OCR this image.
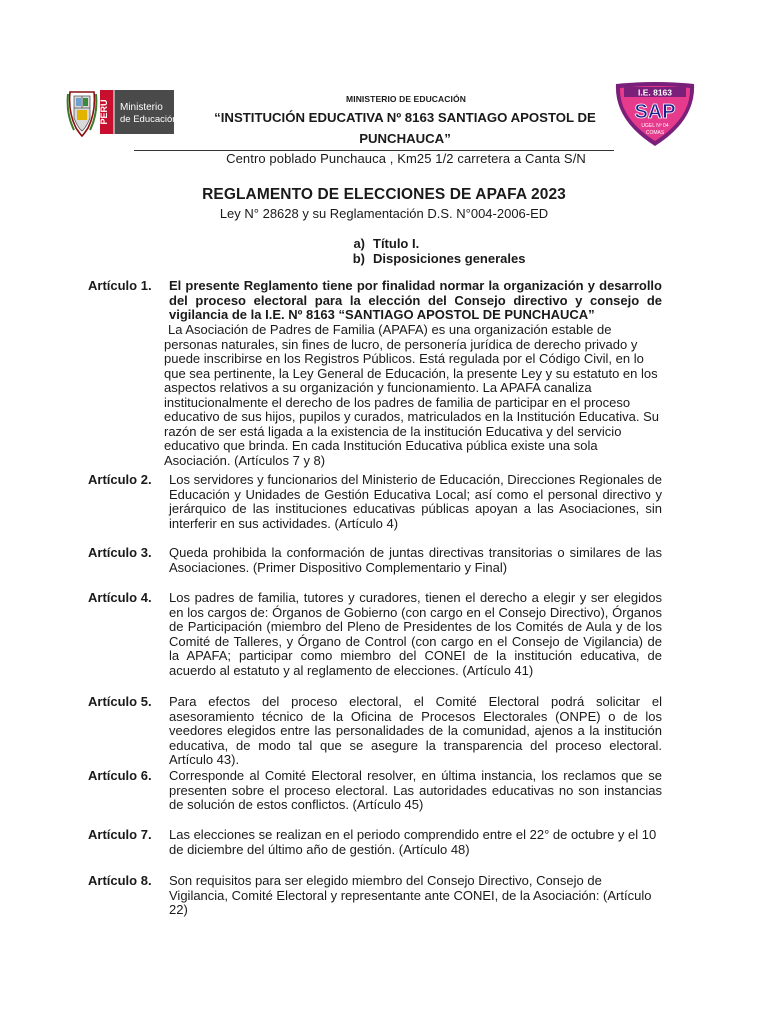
PERÚ Ministerio
de Educación
MINISTERIO DE EDUCACIÓN
“INSTITUCIÓN EDUCATIVA Nº 8163 SANTIAGO APOSTOL DE
PUNCHAUCA”
Centro poblado Punchauca , Km25 1/2 carretera a Canta S/N
I.E. 8163
SAP
UGEL Nº 04
COMAS
REGLAMENTO DE ELECCIONES DE APAFA 2023
Ley N° 28628 y su Reglamentación D.S. N°004-2006-ED
a) Título I.
b) Disposiciones generales
Artículo 1. El presente Reglamento tiene por finalidad normar la organización y desarrollo del proceso electoral para la elección del Consejo directivo y consejo de vigilancia de la I.E. Nº 8163 “SANTIAGO APOSTOL DE PUNCHAUCA”
La Asociación de Padres de Familia (APAFA) es una organización estable de personas naturales, sin fines de lucro, de personería jurídica de derecho privado y puede inscribirse en los Registros Públicos. Está regulada por el Código Civil, en lo que sea pertinente, la Ley General de Educación, la presente Ley y su estatuto en los aspectos relativos a su organización y funcionamiento. La APAFA canaliza institucionalmente el derecho de los padres de familia de participar en el proceso educativo de sus hijos, pupilos y curados, matriculados en la Institución Educativa. Su razón de ser está ligada a la existencia de la institución Educativa y del servicio educativo que brinda. En cada Institución Educativa pública existe una sola Asociación. (Artículos 7 y 8)
Artículo 2. Los servidores y funcionarios del Ministerio de Educación, Direcciones Regionales de Educación y Unidades de Gestión Educativa Local; así como el personal directivo y jerárquico de las instituciones educativas públicas apoyan a las Asociaciones, sin interferir en sus actividades. (Artículo 4)
Artículo 3. Queda prohibida la conformación de juntas directivas transitorias o similares de las Asociaciones. (Primer Dispositivo Complementario y Final)
Artículo 4. Los padres de familia, tutores y curadores, tienen el derecho a elegir y ser elegidos en los cargos de: Órganos de Gobierno (con cargo en el Consejo Directivo), Órganos de Participación (miembro del Pleno de Presidentes de los Comités de Aula y de los Comité de Talleres, y Órgano de Control (con cargo en el Consejo de Vigilancia) de la APAFA; participar como miembro del CONEI de la institución educativa, de acuerdo al estatuto y al reglamento de elecciones. (Artículo 41)
Artículo 5. Para efectos del proceso electoral, el Comité Electoral podrá solicitar el asesoramiento técnico de la Oficina de Procesos Electorales (ONPE) o de los veedores elegidos entre las personalidades de la comunidad, ajenos a la institución educativa, de modo tal que se asegure la transparencia del proceso electoral. Artículo 43).
Artículo 6. Corresponde al Comité Electoral resolver, en última instancia, los reclamos que se presenten sobre el proceso electoral. Las autoridades educativas no son instancias de solución de estos conflictos. (Artículo 45)
Artículo 7. Las elecciones se realizan en el periodo comprendido entre el 22° de octubre y el 10 de diciembre del último año de gestión. (Artículo 48)
Artículo 8. Son requisitos para ser elegido miembro del Consejo Directivo, Consejo de Vigilancia, Comité Electoral y representante ante CONEI, de la Asociación: (Artículo 22)
